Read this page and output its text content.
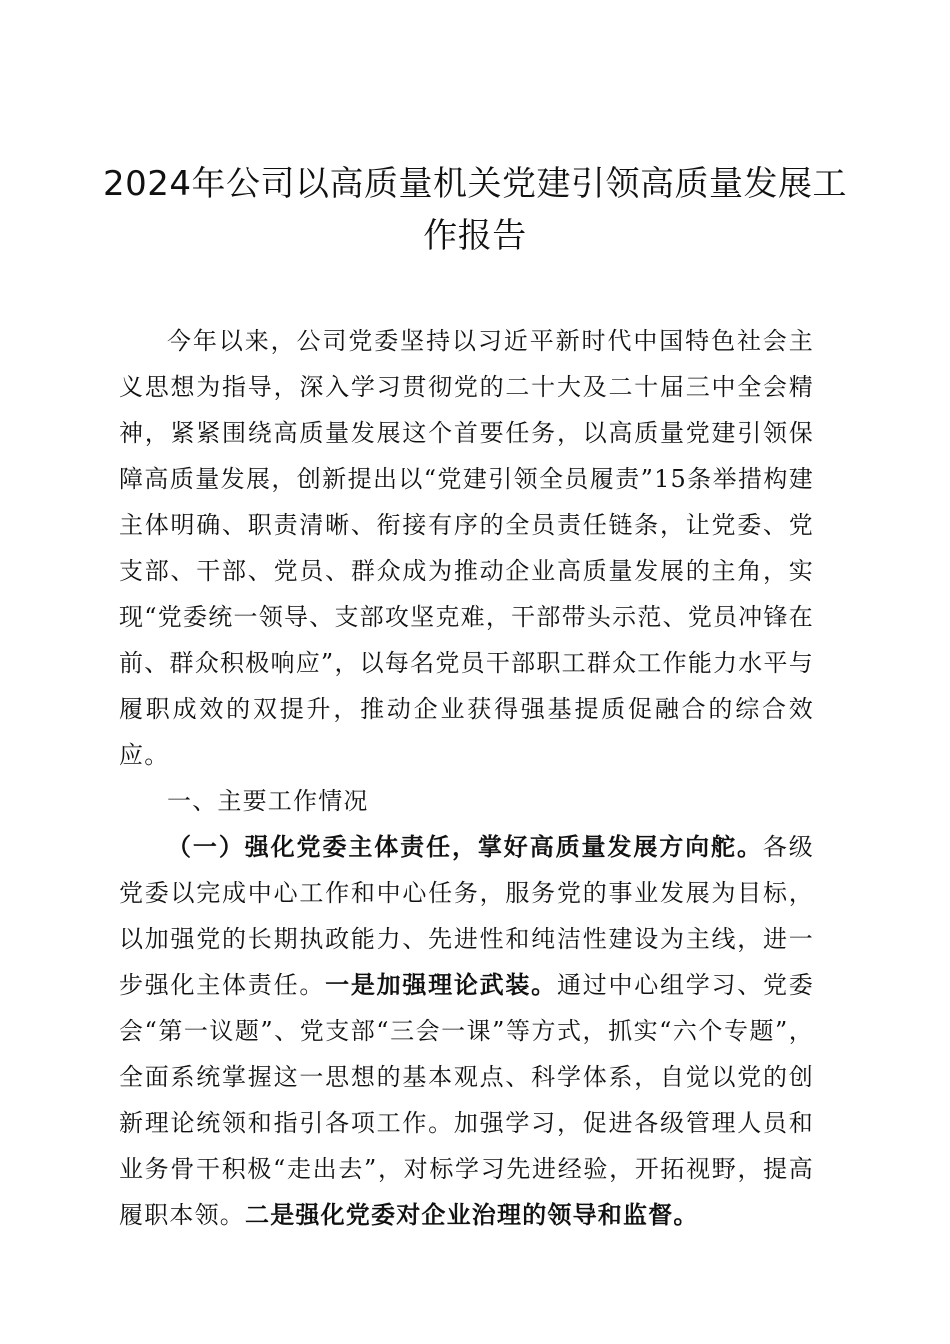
2024年公司以高质量机关党建引领高质量发展工作报告

今年以来，公司党委坚持以习近平新时代中国特色社会主义思想为指导，深入学习贯彻党的二十大及二十届三中全会精神，紧紧围绕高质量发展这个首要任务，以高质量党建引领保障高质量发展，创新提出以“党建引领全员履责”15条举措构建主体明确、职责清晰、衔接有序的全员责任链条，让党委、党支部、干部、党员、群众成为推动企业高质量发展的主角，实现“党委统一领导、支部攻坚克难，干部带头示范、党员冲锋在前、群众积极响应”，以每名党员干部职工群众工作能力水平与履职成效的双提升，推动企业获得强基提质促融合的综合效应。

一、主要工作情况

（一）强化党委主体责任，掌好高质量发展方向舵。各级党委以完成中心工作和中心任务，服务党的事业发展为目标，以加强党的长期执政能力、先进性和纯洁性建设为主线，进一步强化主体责任。一是加强理论武装。通过中心组学习、党委会“第一议题”、党支部“三会一课”等方式，抓实“六个专题”，全面系统掌握这一思想的基本观点、科学体系，自觉以党的创新理论统领和指引各项工作。加强学习，促进各级管理人员和业务骨干积极“走出去”，对标学习先进经验，开拓视野，提高履职本领。二是强化党委对企业治理的领导和监督。
